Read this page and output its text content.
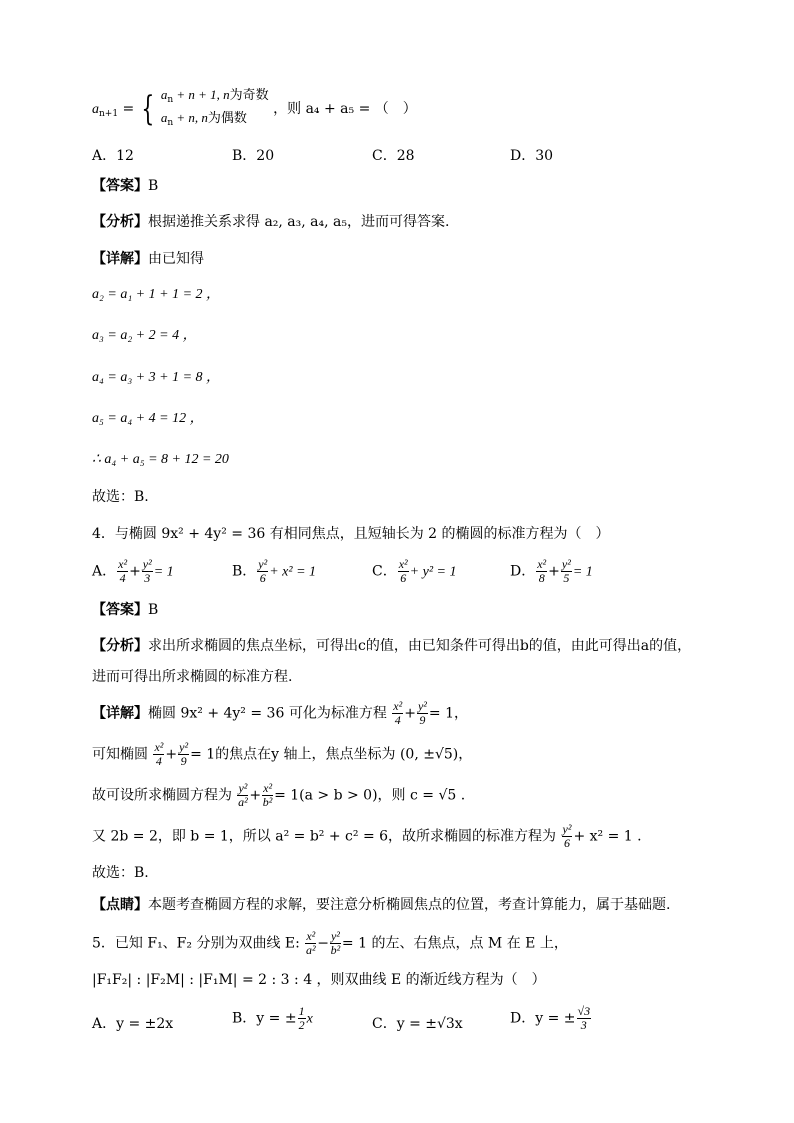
$a_{n+1}$ = { $a_n + n + 1$, n为奇数
$a_n + n$, n为偶数
，则 a₄ + a₅ = （　）
A．12	B．20	C．28	D．30
【答案】B
【分析】根据递推关系求得 a₂, a₃, a₄, a₅，进而可得答案.
【详解】由已知得
a₂ = a₁ + 1 + 1 = 2 ，
a₃ = a₂ + 2 = 4 ，
a₄ = a₃ + 3 + 1 = 8 ，
a₅ = a₄ + 4 = 12 ，
∴ a₄ + a₅ = 8 + 12 = 20
故选：B.
4．与椭圆 9x² + 4y² = 36 有相同焦点，且短轴长为 2 的椭圆的标准方程为（　）
A． $\frac{\text{x²}}{4} + \frac{\text{y²}}{3} = 1$	B． $\frac{\text{y²}}{6} + x^2 = 1$	C． $\frac{\text{x²}}{6} + y^2 = 1$	D． $\frac{\text{x²}}{8} + \frac{\text{y²}}{5} = 1$
【答案】B
【分析】求出所求椭圆的焦点坐标，可得出c的值，由已知条件可得出b的值，由此可得出a的值，
进而可得出所求椭圆的标准方程.
【详解】椭圆 9x² + 4y² = 36 可化为标准方程 $\frac{\text{x²}}{4} + \frac{\text{y²}}{9} = 1$，
可知椭圆 $\frac{\text{x²}}{4} + \frac{\text{y²}}{9} = 1$的焦点在y 轴上，焦点坐标为 (0, ±√5)，
故可设所求椭圆方程为 $\frac{\text{y²}}{\text{a²}} + \frac{\text{x²}}{\text{b²}} = 1(a > b > 0)$，则 c = √5 .
又 2b = 2，即 b = 1，所以 a² = b² + c² = 6，故所求椭圆的标准方程为 $\frac{\text{y²}}{6} + x^2 = 1$ .
故选：B.
【点睛】本题考查椭圆方程的求解，要注意分析椭圆焦点的位置，考查计算能力，属于基础题.
5．已知 F₁、F₂ 分别为双曲线 E: $\frac{\text{x²}}{\text{a²}} - \frac{\text{y²}}{\text{b²}} = 1$ 的左、右焦点，点 M 在 E 上，
|F₁F₂| : |F₂M| : |F₁M| = 2 : 3 : 4 ，则双曲线 E 的渐近线方程为（　）
A．y = ±2x	B．y = ± $\frac{1}{2}$ x	C．y = ±√3x	D．y = ± $\frac{√3}{3}$
